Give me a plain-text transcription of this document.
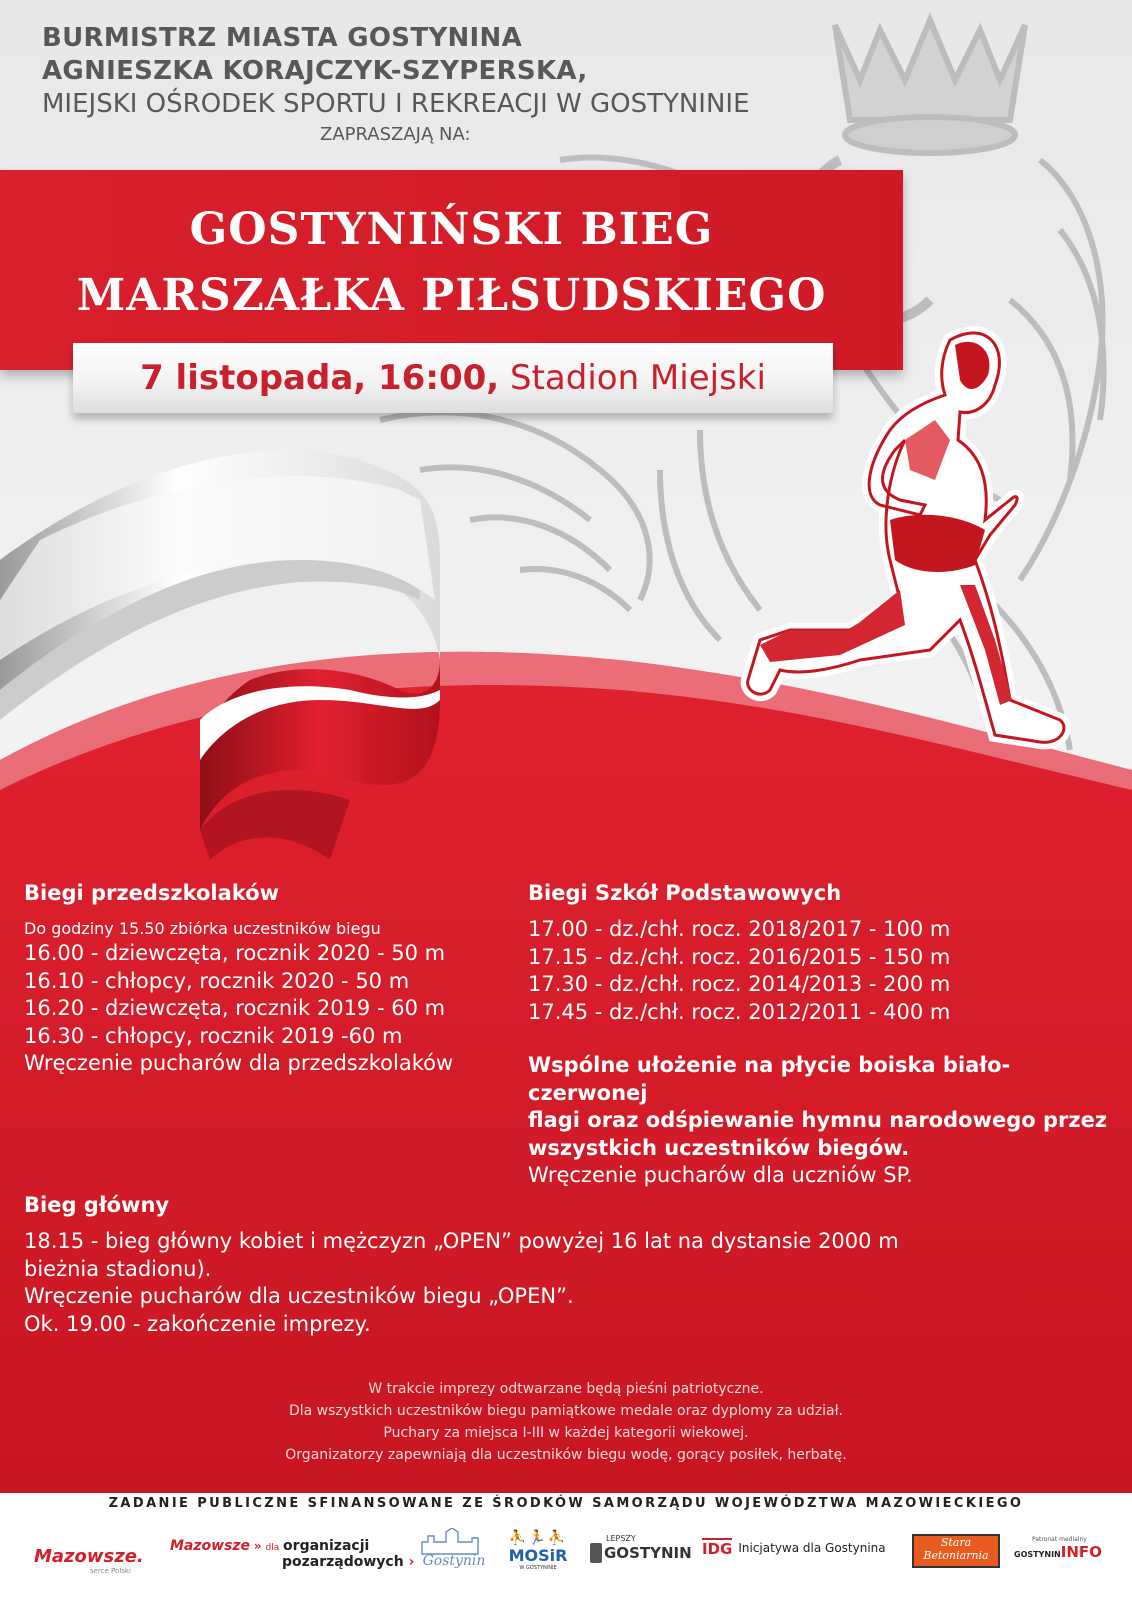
BURMISTRZ MIASTA GOSTYNINA
AGNIESZKA KORAJCZYK-SZYPERSKA,
MIEJSKI OŚRODEK SPORTU I REKREACJI W GOSTYNINIE
ZAPRASZAJĄ NA:
GOSTYNIŃSKI BIEG
MARSZAŁKA PIŁSUDSKIEGO
7 listopada, 16:00, Stadion Miejski
Biegi przedszkolaków
Do godziny 15.50 zbiórka uczestników biegu
16.00 - dziewczęta, rocznik 2020 - 50 m
16.10 - chłopcy, rocznik 2020 - 50 m
16.20 - dziewczęta, rocznik 2019 - 60 m
16.30 - chłopcy, rocznik 2019 -60 m
Wręczenie pucharów dla przedszkolaków
Biegi Szkół Podstawowych
17.00 - dz./chł. rocz. 2018/2017 - 100 m
17.15 - dz./chł. rocz. 2016/2015 - 150 m
17.30 - dz./chł. rocz. 2014/2013 - 200 m
17.45 - dz./chł. rocz. 2012/2011 - 400 m
Wspólne ułożenie na płycie boiska biało-czerwonej
flagi oraz odśpiewanie hymnu narodowego przez
wszystkich uczestników biegów.
Wręczenie pucharów dla uczniów SP.
Bieg główny
18.15 - bieg główny kobiet i mężczyzn „OPEN” powyżej 16 lat na dystansie 2000 m
bieżnia stadionu).
Wręczenie pucharów dla uczestników biegu „OPEN”.
Ok. 19.00 - zakończenie imprezy.
W trakcie imprezy odtwarzane będą pieśni patriotyczne.
Dla wszystkich uczestników biegu pamiątkowe medale oraz dyplomy za udział.
Puchary za miejsca I-III w każdej kategorii wiekowej.
Organizatorzy zapewniają dla uczestników biegu wodę, gorący posiłek, herbatę.
ZADANIE PUBLICZNE SFINANSOWANE ZE ŚRODKÓW SAMORZĄDU WOJEWÓDZTWA MAZOWIECKIEGO
Mazowsze.
serce Polski
Mazowsze » dla organizacji
pozarządowych › Gostynin
⛹🏃⛹
MOSiR
W GOSTYNINIE
LEPSZY
GOSTYNIN IDG Inicjatywa dla Gostynina	Stara
Betoniarnia
Patronat medialny
GOSTYNININFO
